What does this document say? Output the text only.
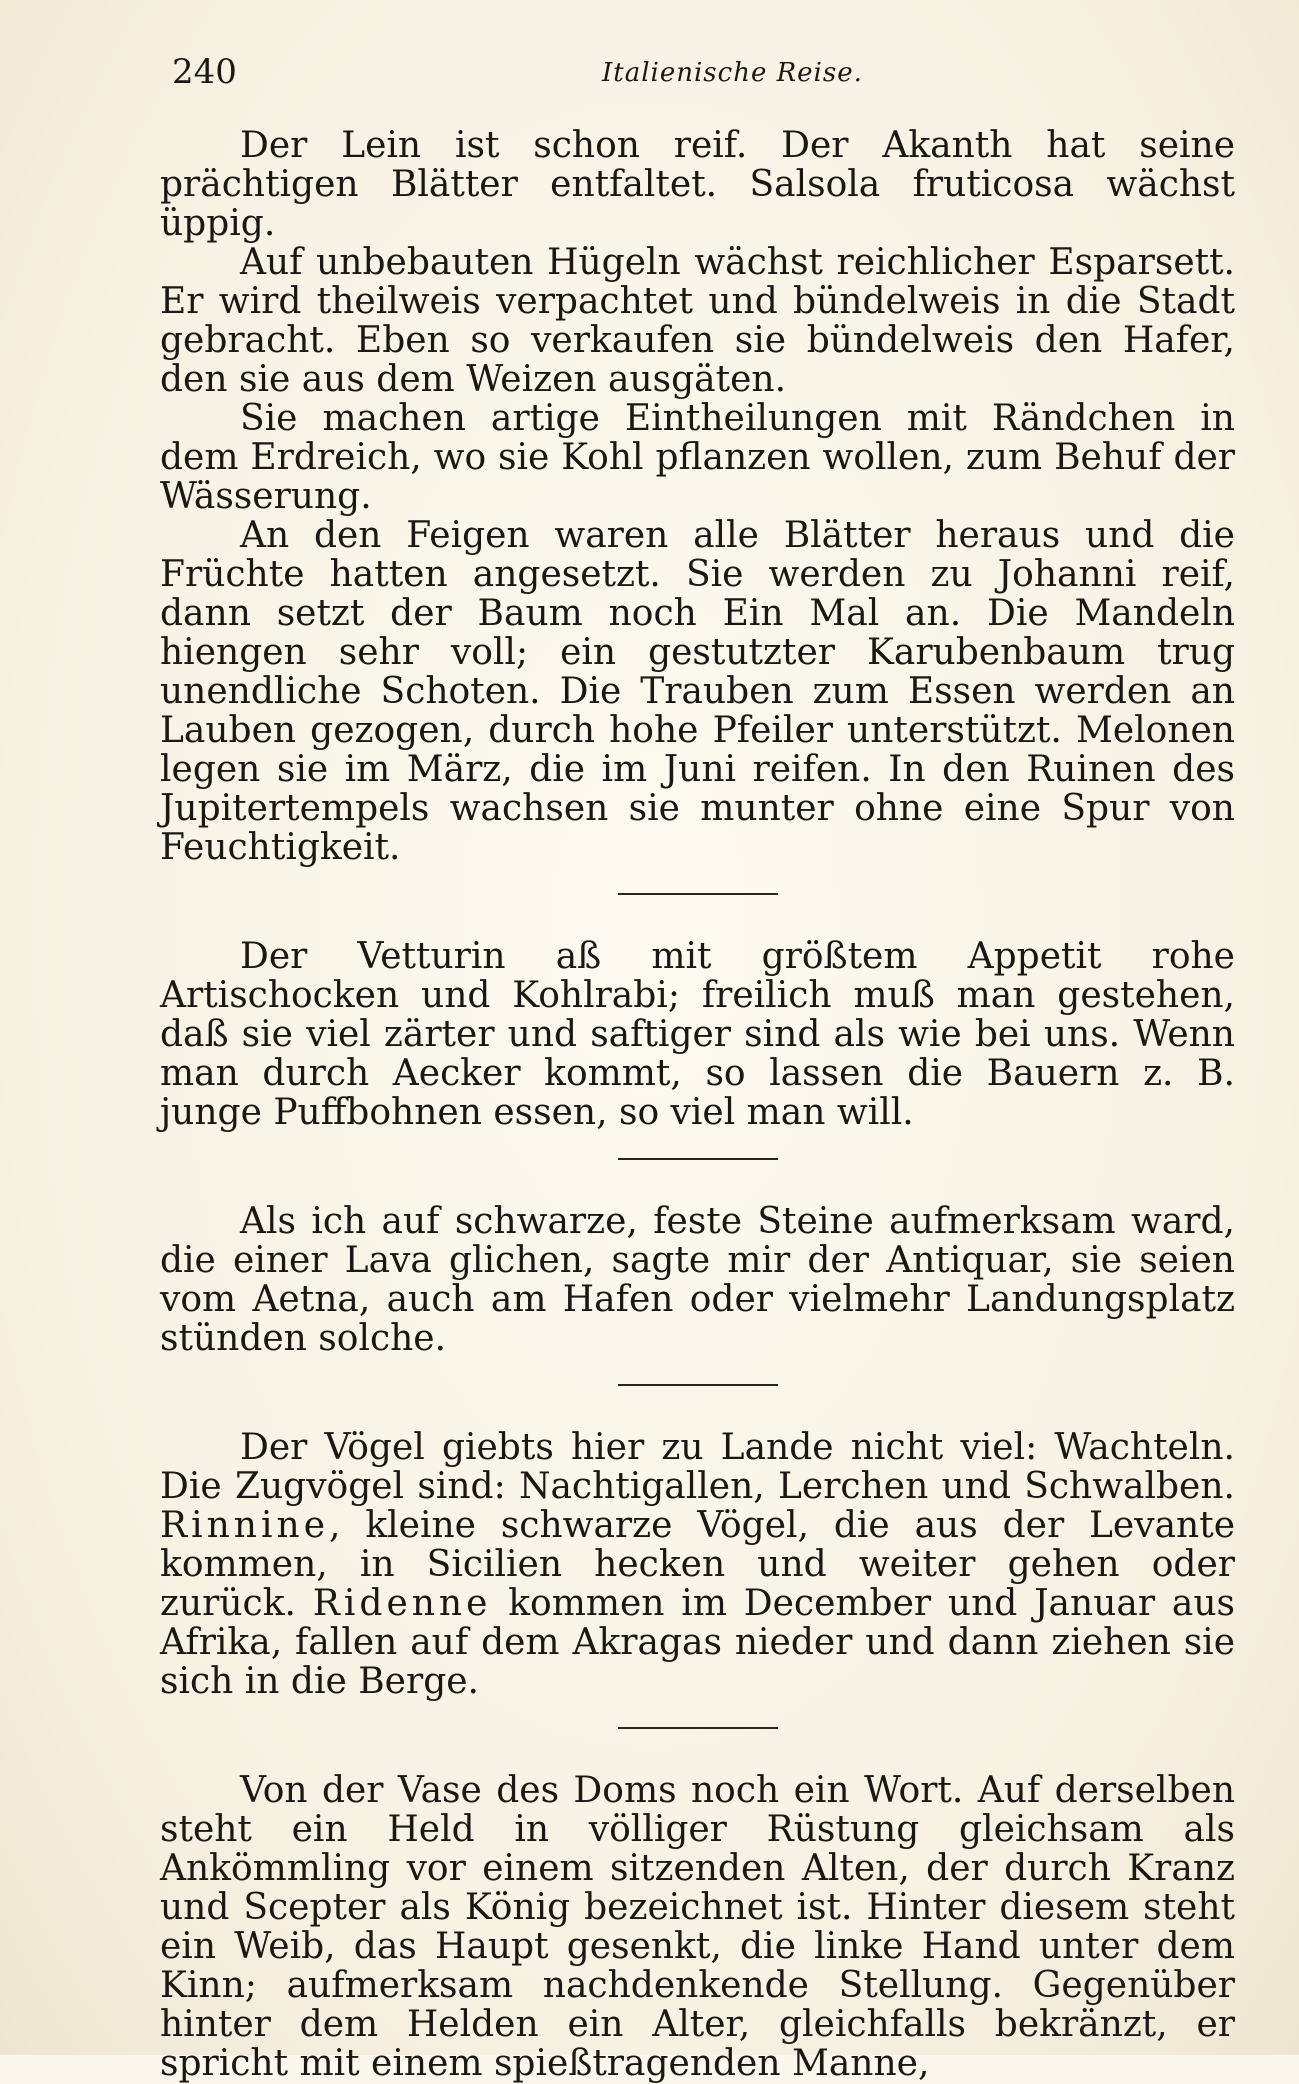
240	Italienische Reise.

Der Lein ist schon reif. Der Akanth hat seine prächtigen Blätter entfaltet. Salsola fruticosa wächst üppig.

Auf unbebauten Hügeln wächst reichlicher Esparsett. Er wird theilweis verpachtet und bündelweis in die Stadt gebracht. Eben so verkaufen sie bündelweis den Hafer, den sie aus dem Weizen ausgäten.

Sie machen artige Eintheilungen mit Rändchen in dem Erdreich, wo sie Kohl pflanzen wollen, zum Behuf der Wässerung.

An den Feigen waren alle Blätter heraus und die Früchte hatten angesetzt. Sie werden zu Johanni reif, dann setzt der Baum noch Ein Mal an. Die Mandeln hiengen sehr voll; ein gestutzter Karubenbaum trug unendliche Schoten. Die Trauben zum Essen werden an Lauben gezogen, durch hohe Pfeiler unterstützt. Melonen legen sie im März, die im Juni reifen. In den Ruinen des Jupitertempels wachsen sie munter ohne eine Spur von Feuchtigkeit.

Der Vetturin aß mit größtem Appetit rohe Artischocken und Kohlrabi; freilich muß man gestehen, daß sie viel zärter und saftiger sind als wie bei uns. Wenn man durch Aecker kommt, so lassen die Bauern z. B. junge Puffbohnen essen, so viel man will.

Als ich auf schwarze, feste Steine aufmerksam ward, die einer Lava glichen, sagte mir der Antiquar, sie seien vom Aetna, auch am Hafen oder vielmehr Landungsplatz stünden solche.

Der Vögel giebts hier zu Lande nicht viel: Wachteln. Die Zugvögel sind: Nachtigallen, Lerchen und Schwalben. Rinnine, kleine schwarze Vögel, die aus der Levante kommen, in Sicilien hecken und weiter gehen oder zurück. Ridenne kommen im December und Januar aus Afrika, fallen auf dem Akragas nieder und dann ziehen sie sich in die Berge.

Von der Vase des Doms noch ein Wort. Auf derselben steht ein Held in völliger Rüstung gleichsam als Ankömmling vor einem sitzenden Alten, der durch Kranz und Scepter als König bezeichnet ist. Hinter diesem steht ein Weib, das Haupt gesenkt, die linke Hand unter dem Kinn; aufmerksam nachdenkende Stellung. Gegenüber hinter dem Helden ein Alter, gleichfalls bekränzt, er spricht mit einem spießtragenden Manne,
